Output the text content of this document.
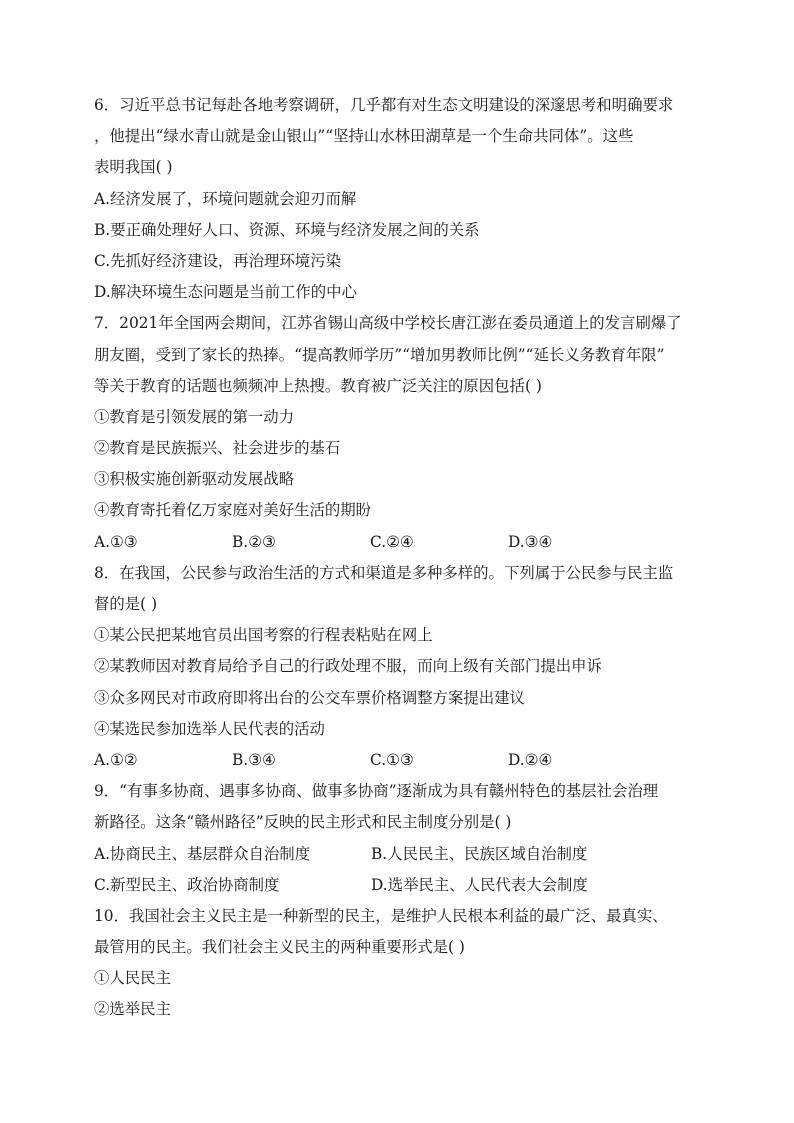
6．习近平总书记每赴各地考察调研，几乎都有对生态文明建设的深邃思考和明确要求
，他提出“绿水青山就是金山银山”“坚持山水林田湖草是一个生命共同体”。这些
表明我国( )
A.经济发展了，环境问题就会迎刃而解
B.要正确处理好人口、资源、环境与经济发展之间的关系
C.先抓好经济建设，再治理环境污染
D.解决环境生态问题是当前工作的中心
7．2021年全国两会期间，江苏省锡山高级中学校长唐江澎在委员通道上的发言刷爆了
朋友圈，受到了家长的热捧。“提高教师学历”“增加男教师比例”“延长义务教育年限”
等关于教育的话题也频频冲上热搜。教育被广泛关注的原因包括( )
①教育是引领发展的第一动力
②教育是民族振兴、社会进步的基石
③积极实施创新驱动发展战略
④教育寄托着亿万家庭对美好生活的期盼
A.①③	B.②③	C.②④	D.③④
8．在我国，公民参与政治生活的方式和渠道是多种多样的。下列属于公民参与民主监
督的是( )
①某公民把某地官员出国考察的行程表粘贴在网上
②某教师因对教育局给予自己的行政处理不服，而向上级有关部门提出申诉
③众多网民对市政府即将出台的公交车票价格调整方案提出建议
④某选民参加选举人民代表的活动
A.①②	B.③④	C.①③	D.②④
9．“有事多协商、遇事多协商、做事多协商”逐渐成为具有赣州特色的基层社会治理
新路径。这条“赣州路径”反映的民主形式和民主制度分别是( )
A.协商民主、基层群众自治制度	B.人民民主、民族区域自治制度
C.新型民主、政治协商制度	D.选举民主、人民代表大会制度
10．我国社会主义民主是一种新型的民主，是维护人民根本利益的最广泛、最真实、
最管用的民主。我们社会主义民主的两种重要形式是( )
①人民民主
②选举民主
